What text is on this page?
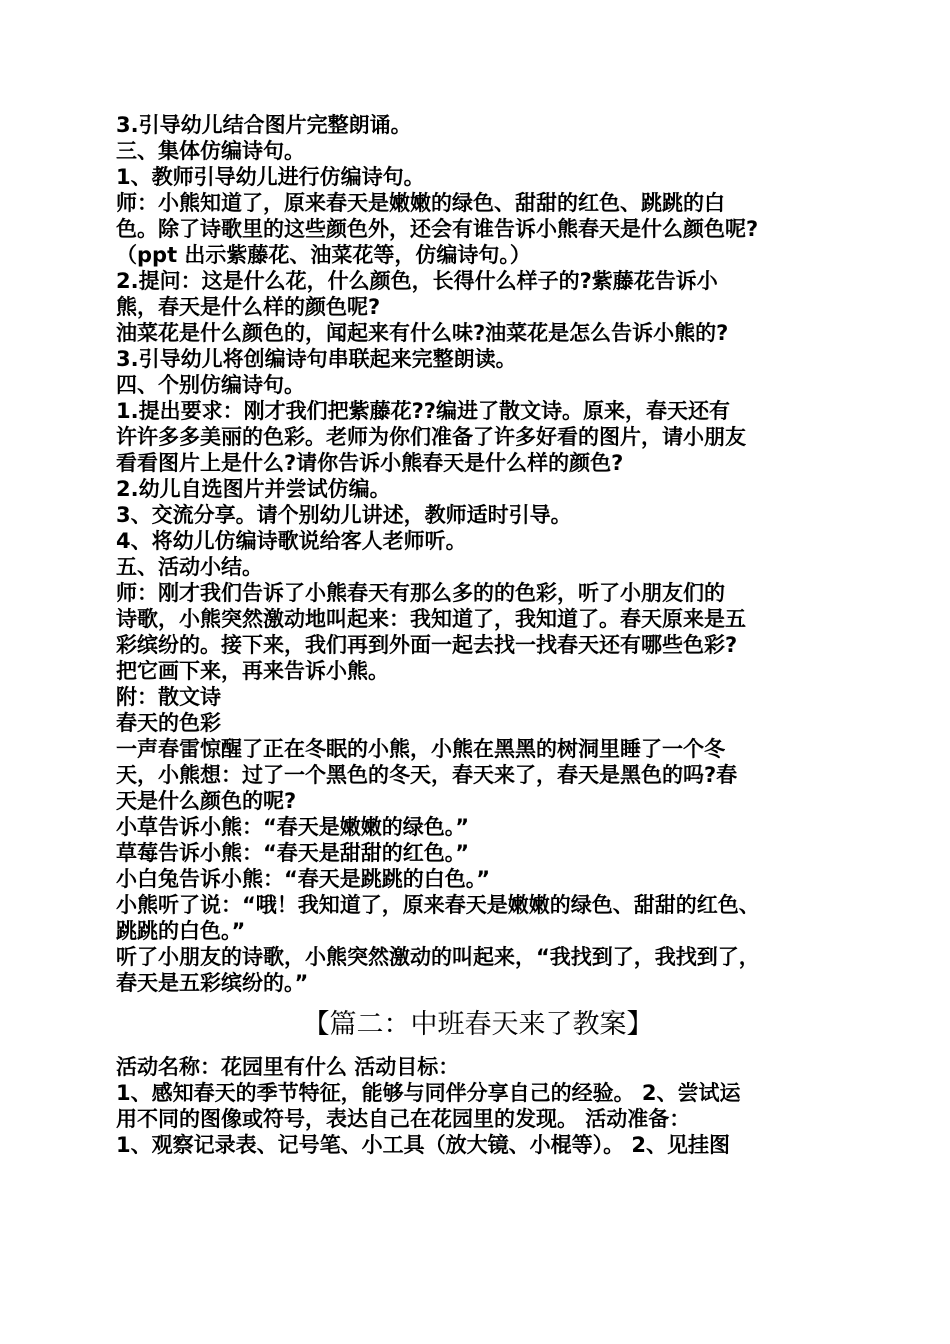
3.引导幼儿结合图片完整朗诵。
三、集体仿编诗句。
1、教师引导幼儿进行仿编诗句。
师：小熊知道了，原来春天是嫩嫩的绿色、甜甜的红色、跳跳的白
色。除了诗歌里的这些颜色外，还会有谁告诉小熊春天是什么颜色呢?
（ppt 出示紫藤花、油菜花等，仿编诗句。）
2.提问：这是什么花，什么颜色，长得什么样子的?紫藤花告诉小
熊，春天是什么样的颜色呢?
油菜花是什么颜色的，闻起来有什么味?油菜花是怎么告诉小熊的?
3.引导幼儿将创编诗句串联起来完整朗读。
四、个别仿编诗句。
1.提出要求：刚才我们把紫藤花??编进了散文诗。原来，春天还有
许许多多美丽的色彩。老师为你们准备了许多好看的图片，请小朋友
看看图片上是什么?请你告诉小熊春天是什么样的颜色?
2.幼儿自选图片并尝试仿编。
3、交流分享。请个别幼儿讲述，教师适时引导。
4、将幼儿仿编诗歌说给客人老师听。
五、活动小结。
师：刚才我们告诉了小熊春天有那么多的的色彩，听了小朋友们的
诗歌，小熊突然激动地叫起来：我知道了，我知道了。春天原来是五
彩缤纷的。接下来，我们再到外面一起去找一找春天还有哪些色彩?
把它画下来，再来告诉小熊。
附：散文诗
春天的色彩
一声春雷惊醒了正在冬眠的小熊，小熊在黑黑的树洞里睡了一个冬
天，小熊想：过了一个黑色的冬天，春天来了，春天是黑色的吗?春
天是什么颜色的呢?
小草告诉小熊：“春天是嫩嫩的绿色。”
草莓告诉小熊：“春天是甜甜的红色。”
小白兔告诉小熊：“春天是跳跳的白色。”
小熊听了说：“哦！我知道了，原来春天是嫩嫩的绿色、甜甜的红色、
跳跳的白色。”
听了小朋友的诗歌，小熊突然激动的叫起来，“我找到了，我找到了，
春天是五彩缤纷的。”
【篇二：中班春天来了教案】
活动名称：花园里有什么 活动目标：
1、感知春天的季节特征，能够与同伴分享自己的经验。 2、尝试运
用不同的图像或符号，表达自己在花园里的发现。 活动准备：
1、观察记录表、记号笔、小工具（放大镜、小棍等）。 2、见挂图
